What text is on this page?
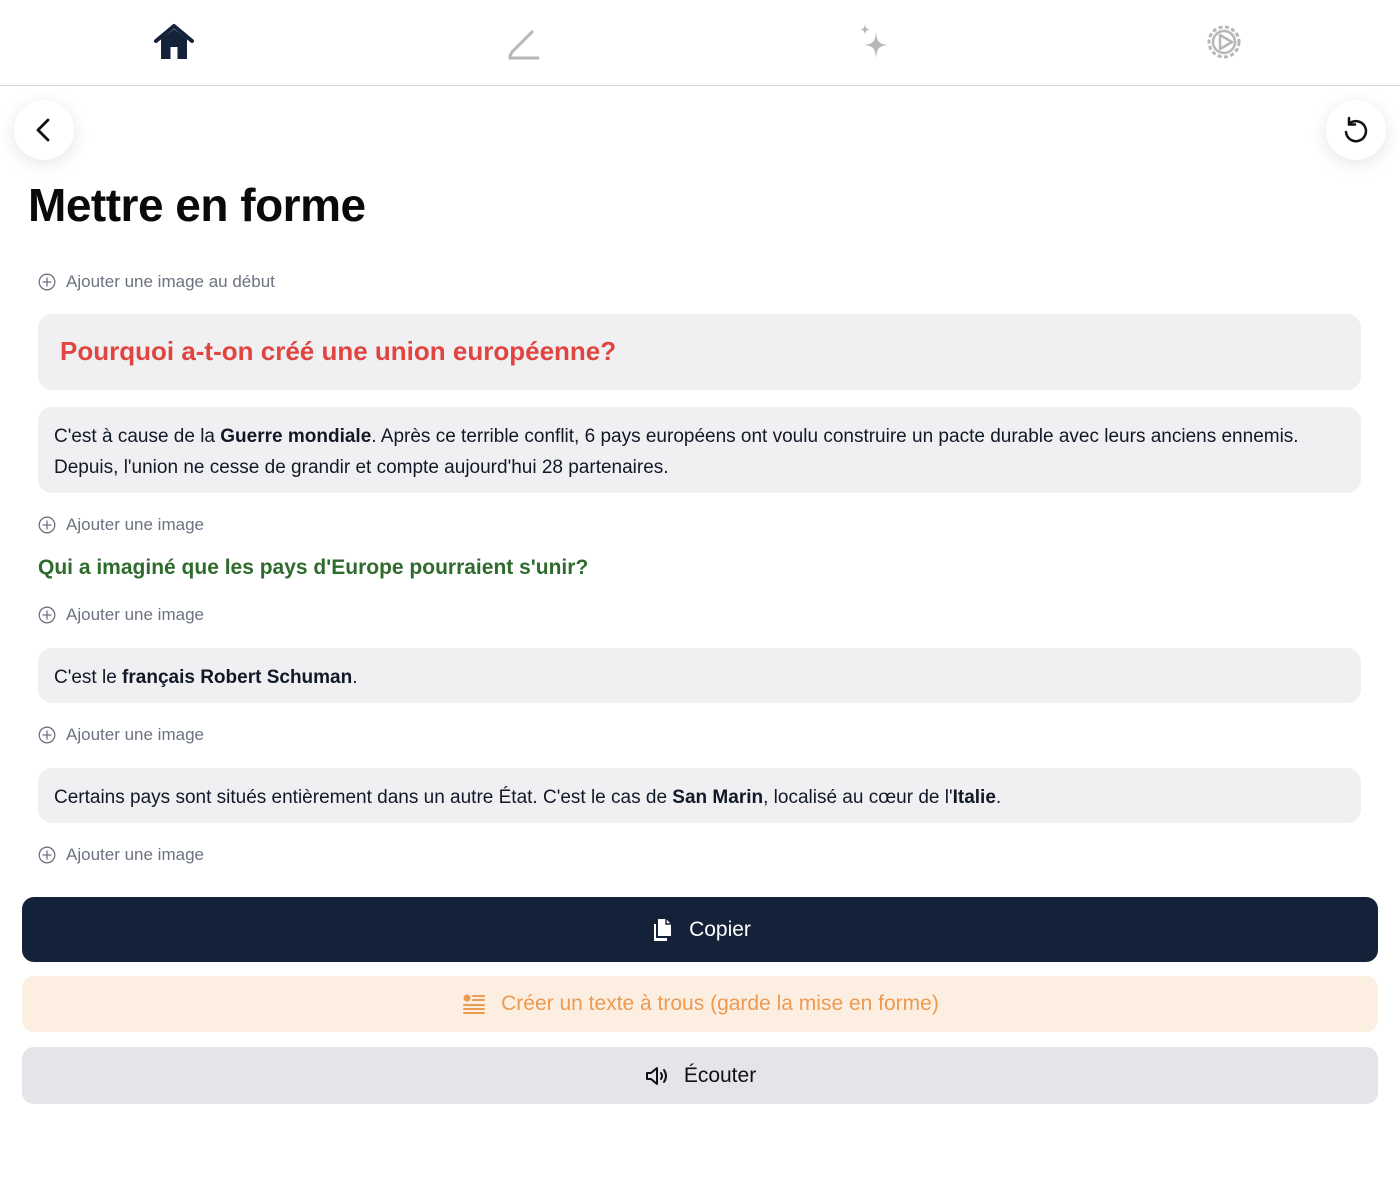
Mettre en forme
Ajouter une image au début
Pourquoi a-t-on créé une union européenne?
C'est à cause de la Guerre mondiale. Après ce terrible conflit, 6 pays européens ont voulu construire un pacte durable avec leurs anciens ennemis. Depuis, l'union ne cesse de grandir et compte aujourd'hui 28 partenaires.
Ajouter une image
Qui a imaginé que les pays d'Europe pourraient s'unir?
Ajouter une image
C'est le français Robert Schuman.
Ajouter une image
Certains pays sont situés entièrement dans un autre État. C'est le cas de San Marin, localisé au cœur de l'Italie.
Ajouter une image
Copier
Créer un texte à trous (garde la mise en forme)
Écouter
